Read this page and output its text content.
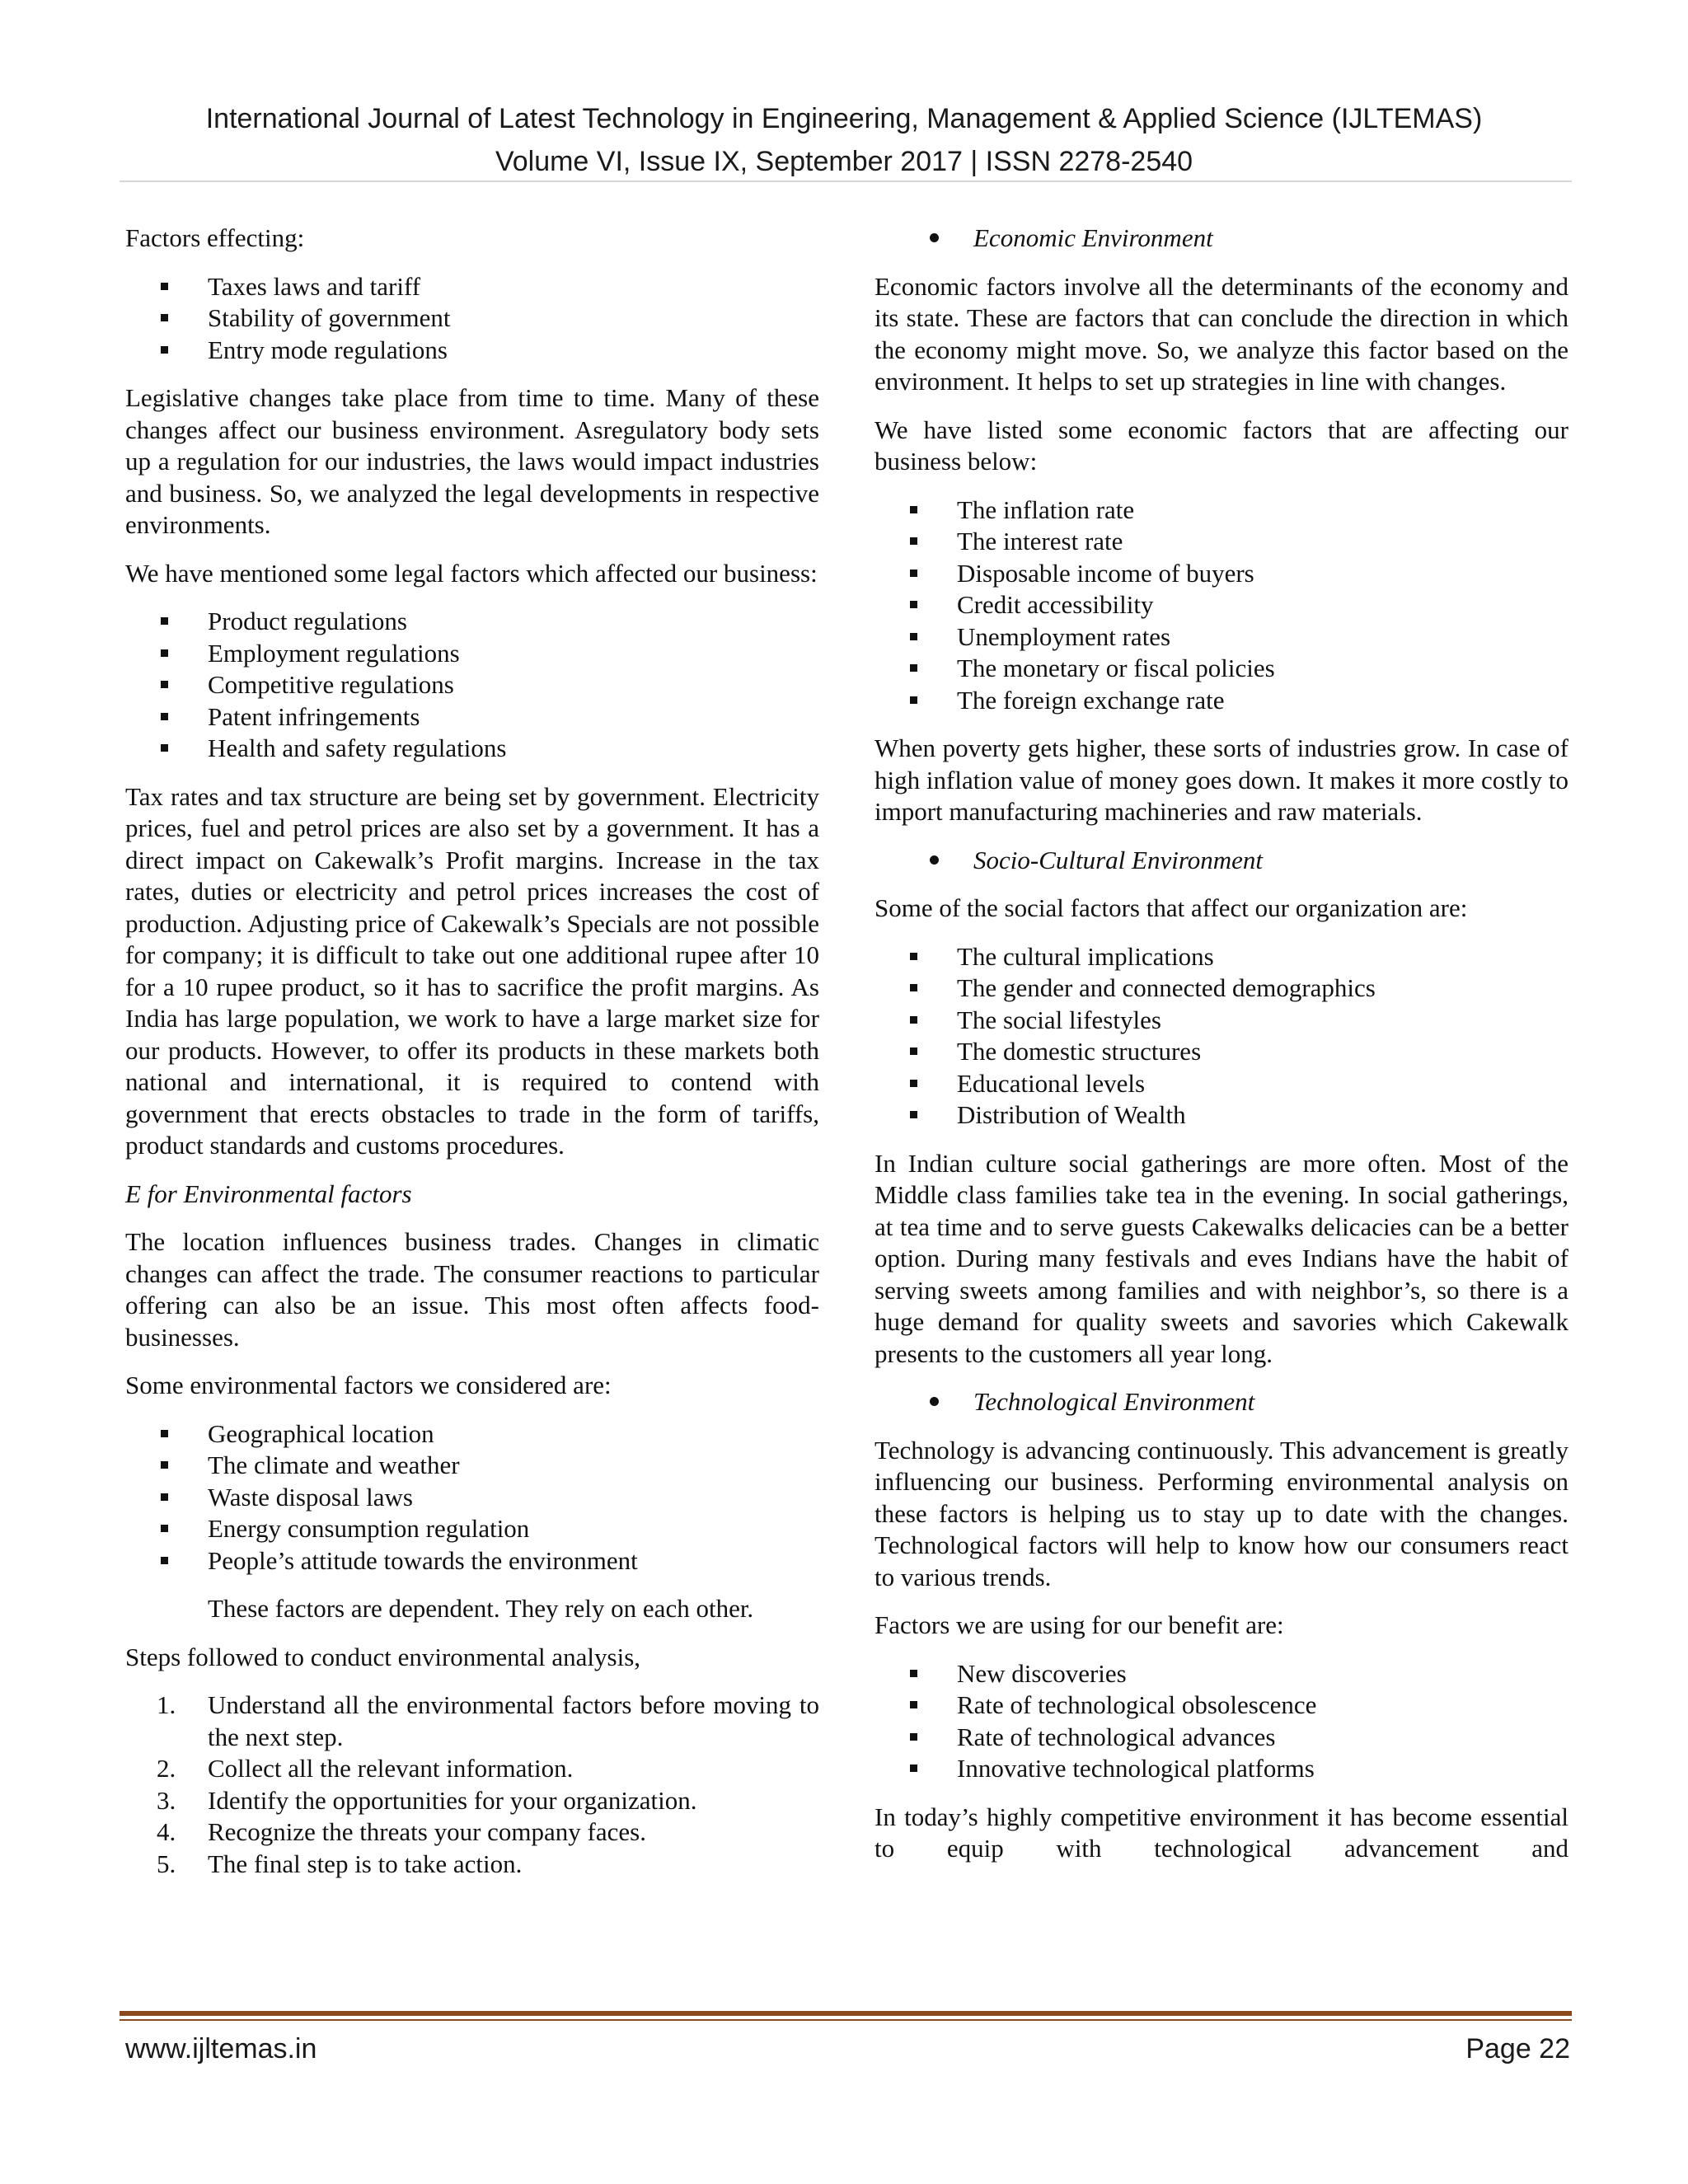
International Journal of Latest Technology in Engineering, Management & Applied Science (IJLTEMAS)
Volume VI, Issue IX, September 2017 | ISSN 2278-2540

Factors effecting:

Taxes laws and tariff
Stability of government
Entry mode regulations

Legislative changes take place from time to time. Many of these changes affect our business environment. Asregulatory body sets up a regulation for our industries, the laws would impact industries and business. So, we analyzed the legal developments in respective environments.

We have mentioned some legal factors which affected our business:

Product regulations
Employment regulations
Competitive regulations
Patent infringements
Health and safety regulations

Tax rates and tax structure are being set by government. Electricity prices, fuel and petrol prices are also set by a government. It has a direct impact on Cakewalk’s Profit margins. Increase in the tax rates, duties or electricity and petrol prices increases the cost of production. Adjusting price of Cakewalk’s Specials are not possible for company; it is difficult to take out one additional rupee after 10 for a 10 rupee product, so it has to sacrifice the profit margins. As India has large population, we work to have a large market size for our products. However, to offer its products in these markets both national and international, it is required to contend with government that erects obstacles to trade in the form of tariffs, product standards and customs procedures.

E for Environmental factors

The location influences business trades. Changes in climatic changes can affect the trade. The consumer reactions to particular offering can also be an issue. This most often affects food-businesses.

Some environmental factors we considered are:

Geographical location
The climate and weather
Waste disposal laws
Energy consumption regulation
People’s attitude towards the environment

These factors are dependent. They rely on each other.

Steps followed to conduct environmental analysis,

1. Understand all the environmental factors before moving to the next step.
2. Collect all the relevant information.
3. Identify the opportunities for your organization.
4. Recognize the threats your company faces.
5. The final step is to take action.

Economic Environment

Economic factors involve all the determinants of the economy and its state. These are factors that can conclude the direction in which the economy might move. So, we analyze this factor based on the environment. It helps to set up strategies in line with changes.

We have listed some economic factors that are affecting our business below:

The inflation rate
The interest rate
Disposable income of buyers
Credit accessibility
Unemployment rates
The monetary or fiscal policies
The foreign exchange rate

When poverty gets higher, these sorts of industries grow. In case of high inflation value of money goes down. It makes it more costly to import manufacturing machineries and raw materials.

Socio-Cultural Environment

Some of the social factors that affect our organization are:

The cultural implications
The gender and connected demographics
The social lifestyles
The domestic structures
Educational levels
Distribution of Wealth

In Indian culture social gatherings are more often. Most of the Middle class families take tea in the evening. In social gatherings, at tea time and to serve guests Cakewalks delicacies can be a better option. During many festivals and eves Indians have the habit of serving sweets among families and with neighbor’s, so there is a huge demand for quality sweets and savories which Cakewalk presents to the customers all year long.

Technological Environment

Technology is advancing continuously. This advancement is greatly influencing our business. Performing environmental analysis on these factors is helping us to stay up to date with the changes. Technological factors will help to know how our consumers react to various trends.

Factors we are using for our benefit are:

New discoveries
Rate of technological obsolescence
Rate of technological advances
Innovative technological platforms

In today’s highly competitive environment it has become essential to equip with technological advancement and

www.ijltemas.in	Page 22
